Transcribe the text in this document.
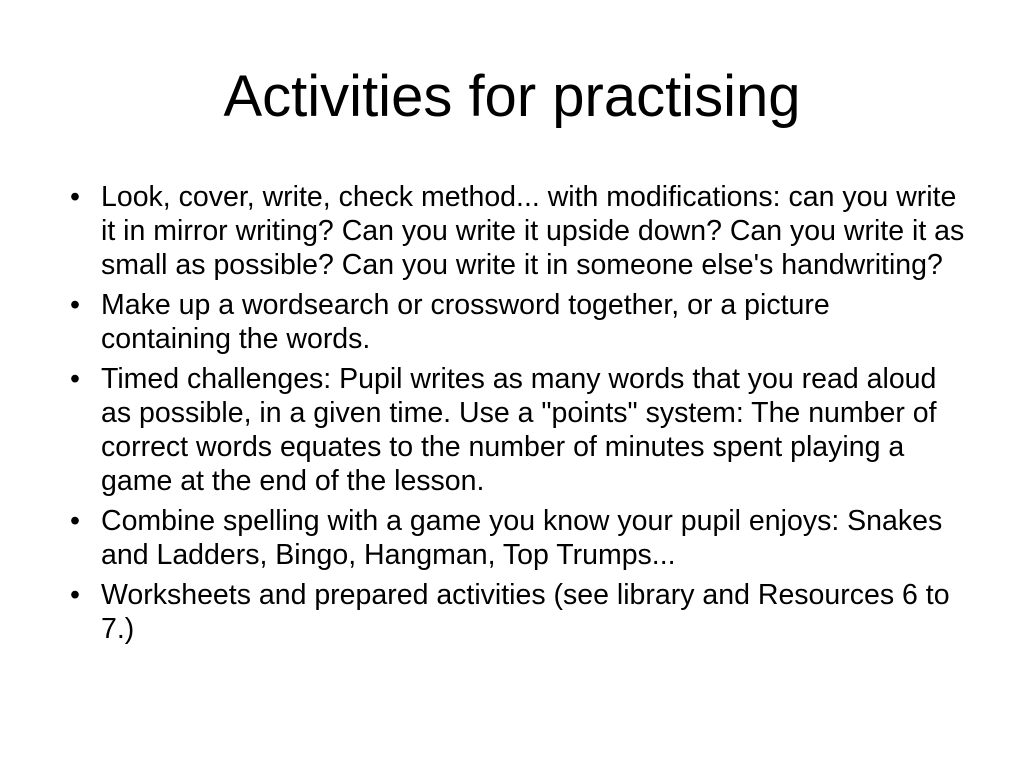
Activities for practising
• Look, cover, write, check method... with modifications: can you write it in mirror writing? Can you write it upside down? Can you write it as small as possible? Can you write it in someone else's handwriting?
• Make up a wordsearch or crossword together, or a picture containing the words.
• Timed challenges: Pupil writes as many words that you read aloud as possible, in a given time. Use a "points" system: The number of correct words equates to the number of minutes spent playing a game at the end of the lesson.
• Combine spelling with a game you know your pupil enjoys: Snakes and Ladders, Bingo, Hangman, Top Trumps...
• Worksheets and prepared activities (see library and Resources 6 to 7.)
